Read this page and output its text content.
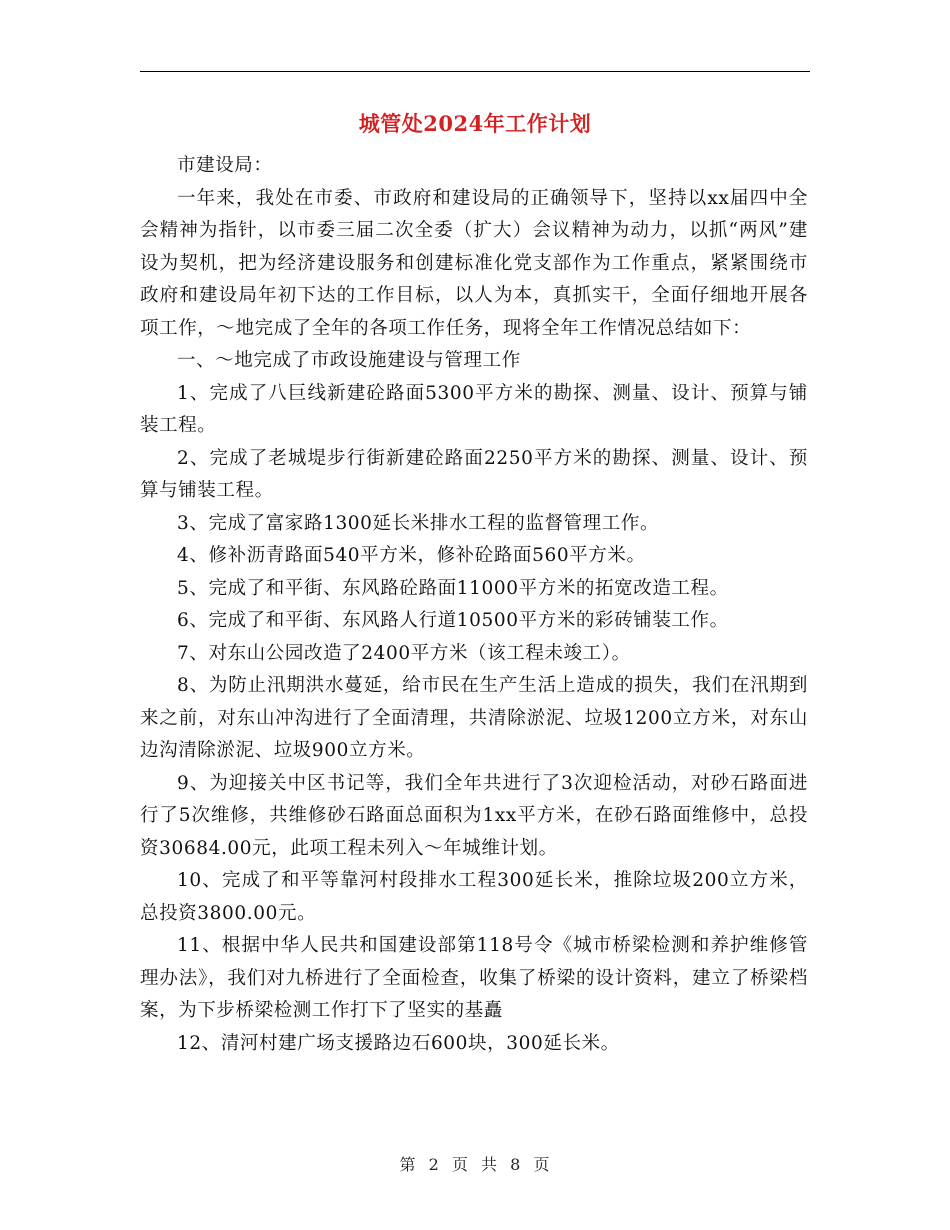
城管处2024年工作计划

市建设局：

一年来，我处在市委、市政府和建设局的正确领导下，坚持以xx届四中全会精神为指针，以市委三届二次全委（扩大）会议精神为动力，以抓“两风”建设为契机，把为经济建设服务和创建标准化党支部作为工作重点，紧紧围绕市政府和建设局年初下达的工作目标，以人为本，真抓实干，全面仔细地开展各项工作，～地完成了全年的各项工作任务，现将全年工作情况总结如下：

一、～地完成了市政设施建设与管理工作

1、完成了八巨线新建砼路面5300平方米的勘探、测量、设计、预算与铺装工程。

2、完成了老城堤步行街新建砼路面2250平方米的勘探、测量、设计、预算与铺装工程。

3、完成了富家路1300延长米排水工程的监督管理工作。

4、修补沥青路面540平方米，修补砼路面560平方米。

5、完成了和平街、东风路砼路面11000平方米的拓宽改造工程。

6、完成了和平街、东风路人行道10500平方米的彩砖铺装工作。

7、对东山公园改造了2400平方米（该工程未竣工）。

8、为防止汛期洪水蔓延，给市民在生产生活上造成的损失，我们在汛期到来之前，对东山冲沟进行了全面清理，共清除淤泥、垃圾1200立方米，对东山边沟清除淤泥、垃圾900立方米。

9、为迎接关中区书记等，我们全年共进行了3次迎检活动，对砂石路面进行了5次维修，共维修砂石路面总面积为1xx平方米，在砂石路面维修中，总投资30684.00元，此项工程未列入～年城维计划。

10、完成了和平等靠河村段排水工程300延长米，推除垃圾200立方米，总投资3800.00元。

11、根据中华人民共和国建设部第118号令《城市桥梁检测和养护维修管理办法》，我们对九桥进行了全面检查，收集了桥梁的设计资料，建立了桥梁档案，为下步桥梁检测工作打下了坚实的基矗

12、清河村建广场支援路边石600块，300延长米。

第 2 页 共 8 页
